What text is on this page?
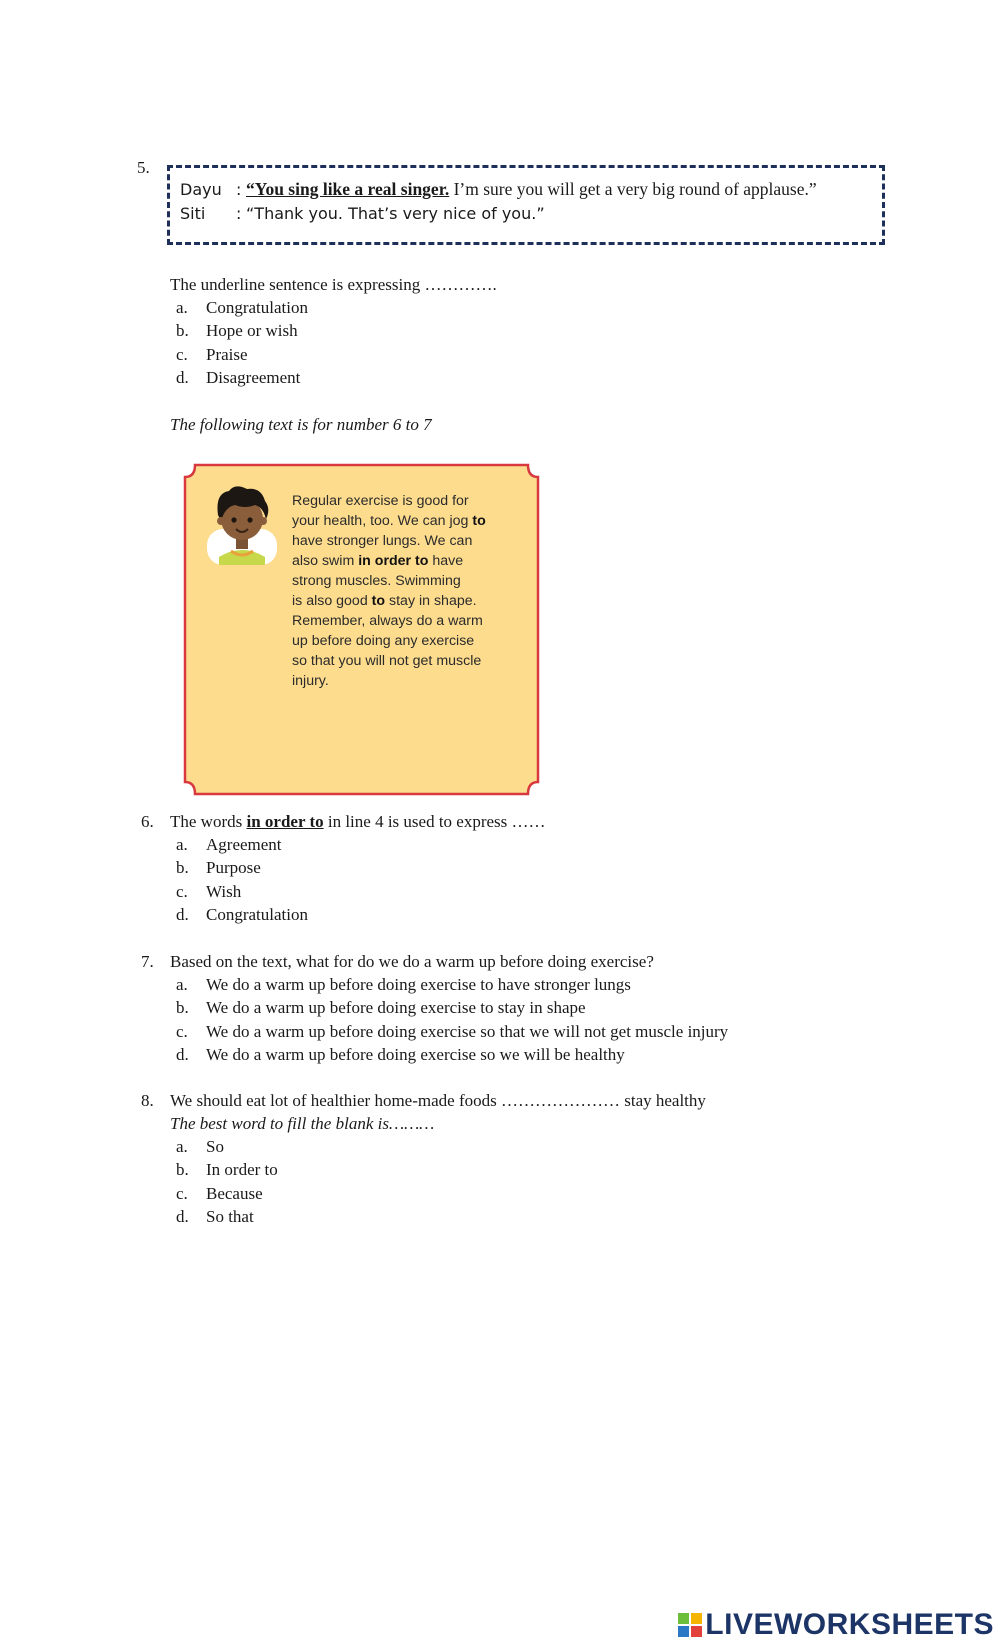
5.
Dayu : “You sing like a real singer. I’m sure you will get a very big round of applause.”
Siti : “Thank you. That’s very nice of you.”
The underline sentence is expressing ………….
a. Congratulation
b. Hope or wish
c. Praise
d. Disagreement
The following text is for number 6 to 7
Regular exercise is good for
your health, too. We can jog to
have stronger lungs. We can
also swim in order to have
strong muscles. Swimming
is also good to stay in shape.
Remember, always do a warm
up before doing any exercise
so that you will not get muscle
injury.
6. The words in order to in line 4 is used to express ……
a. Agreement
b. Purpose
c. Wish
d. Congratulation
7. Based on the text, what for do we do a warm up before doing exercise?
a. We do a warm up before doing exercise to have stronger lungs
b. We do a warm up before doing exercise to stay in shape
c. We do a warm up before doing exercise so that we will not get muscle injury
d. We do a warm up before doing exercise so we will be healthy
8. We should eat lot of healthier home-made foods ………………… stay healthy
The best word to fill the blank is………
a. So
b. In order to
c. Because
d. So that
LIVEWORKSHEETS
